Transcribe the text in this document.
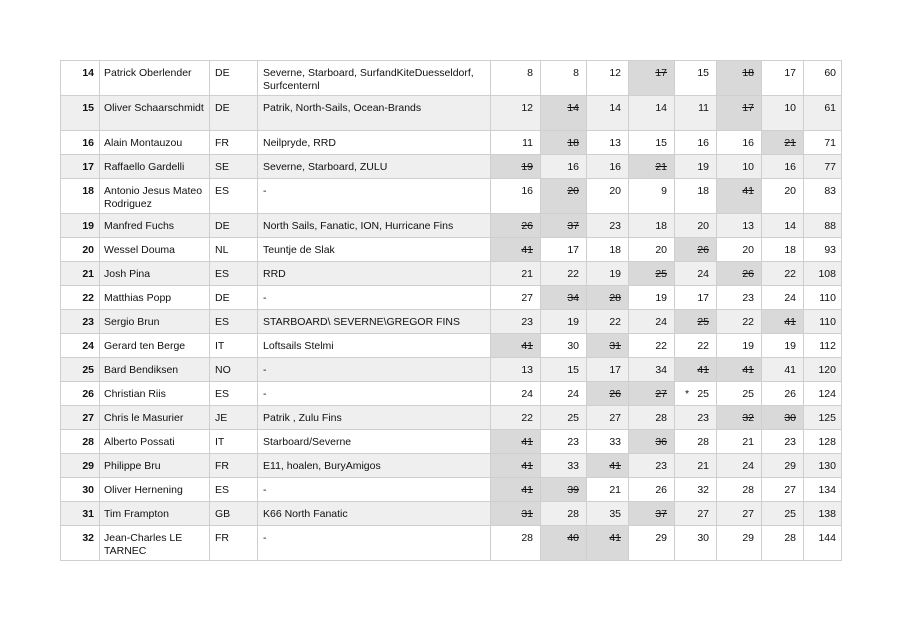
14	Patrick Oberlender	DE	Severne, Starboard, SurfandKiteDuesseldorf, Surfcenternl	8	8	12	17	15	18	17	60
15	Oliver Schaarschmidt	DE	Patrik, North-Sails, Ocean-Brands	12	14	14	14	11	17	10	61
16	Alain Montauzou	FR	Neilpryde, RRD	11	18	13	15	16	16	21	71
17	Raffaello Gardelli	SE	Severne, Starboard, ZULU	19	16	16	21	19	10	16	77
18	Antonio Jesus Mateo Rodriguez	ES	-	16	20	20	9	18	41	20	83
19	Manfred Fuchs	DE	North Sails, Fanatic, ION, Hurricane Fins	26	37	23	18	20	13	14	88
20	Wessel Douma	NL	Teuntje de Slak	41	17	18	20	26	20	18	93
21	Josh Pina	ES	RRD	21	22	19	25	24	26	22	108
22	Matthias Popp	DE	-	27	34	28	19	17	23	24	110
23	Sergio Brun	ES	STARBOARD\ SEVERNE\GREGOR FINS	23	19	22	24	25	22	41	110
24	Gerard ten Berge	IT	Loftsails Stelmi	41	30	31	22	22	19	19	112
25	Bard Bendiksen	NO	-	13	15	17	34	41	41	41	120
26	Christian Riis	ES	-	24	24	26	27	* 25	25	26	124
27	Chris le Masurier	JE	Patrik , Zulu Fins	22	25	27	28	23	32	30	125
28	Alberto Possati	IT	Starboard/Severne	41	23	33	36	28	21	23	128
29	Philippe Bru	FR	E11, hoalen, BuryAmigos	41	33	41	23	21	24	29	130
30	Oliver Hernening	ES	-	41	39	21	26	32	28	27	134
31	Tim Frampton	GB	K66 North Fanatic	31	28	35	37	27	27	25	138
32	Jean-Charles LE TARNEC	FR	-	28	40	41	29	30	29	28	144
